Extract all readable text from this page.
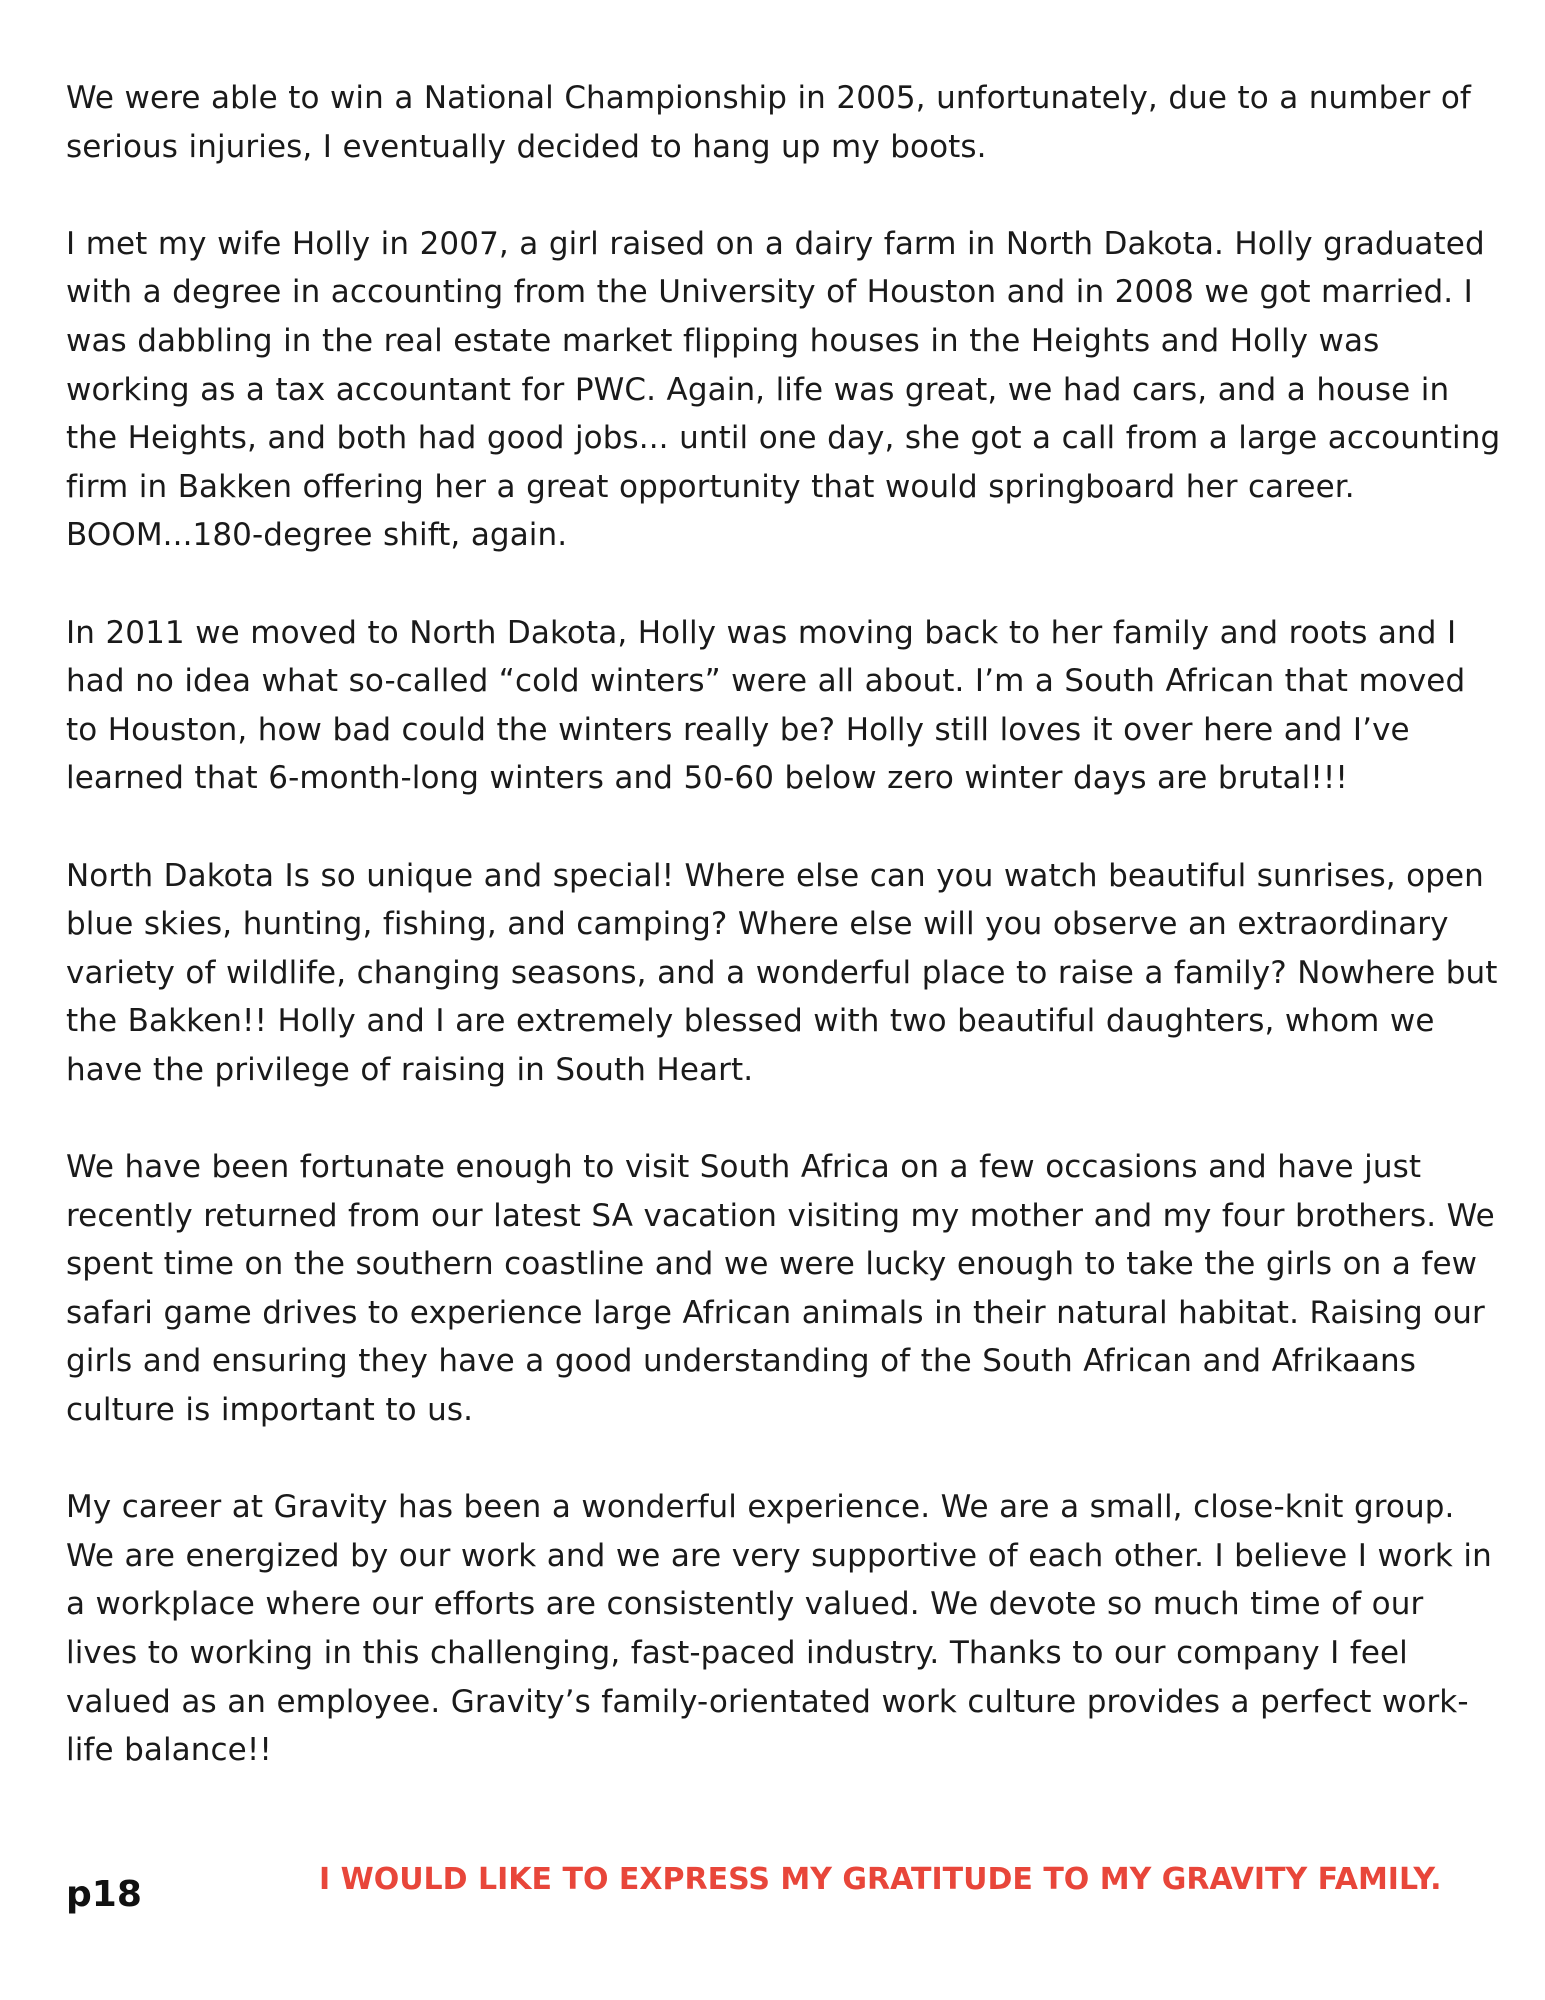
We were able to win a National Championship in 2005, unfortunately, due to a number of serious injuries, I eventually decided to hang up my boots.

I met my wife Holly in 2007, a girl raised on a dairy farm in North Dakota. Holly graduated with a degree in accounting from the University of Houston and in 2008 we got married. I was dabbling in the real estate market flipping houses in the Heights and Holly was working as a tax accountant for PWC. Again, life was great, we had cars, and a house in the Heights, and both had good jobs... until one day, she got a call from a large accounting firm in Bakken offering her a great opportunity that would springboard her career. BOOM...180-degree shift, again.

In 2011 we moved to North Dakota, Holly was moving back to her family and roots and I had no idea what so-called “cold winters” were all about. I’m a South African that moved to Houston, how bad could the winters really be? Holly still loves it over here and I’ve learned that 6-month-long winters and 50-60 below zero winter days are brutal!!!

North Dakota Is so unique and special! Where else can you watch beautiful sunrises, open blue skies, hunting, fishing, and camping? Where else will you observe an extraordinary variety of wildlife, changing seasons, and a wonderful place to raise a family? Nowhere but the Bakken!! Holly and I are extremely blessed with two beautiful daughters, whom we have the privilege of raising in South Heart.

We have been fortunate enough to visit South Africa on a few occasions and have just recently returned from our latest SA vacation visiting my mother and my four brothers. We spent time on the southern coastline and we were lucky enough to take the girls on a few safari game drives to experience large African animals in their natural habitat. Raising our girls and ensuring they have a good understanding of the South African and Afrikaans culture is important to us.

My career at Gravity has been a wonderful experience. We are a small, close-knit group. We are energized by our work and we are very supportive of each other. I believe I work in a workplace where our efforts are consistently valued. We devote so much time of our lives to working in this challenging, fast-paced industry. Thanks to our company I feel valued as an employee. Gravity’s family-orientated work culture provides a perfect work-life balance!!

p18	I WOULD LIKE TO EXPRESS MY GRATITUDE TO MY GRAVITY FAMILY.
